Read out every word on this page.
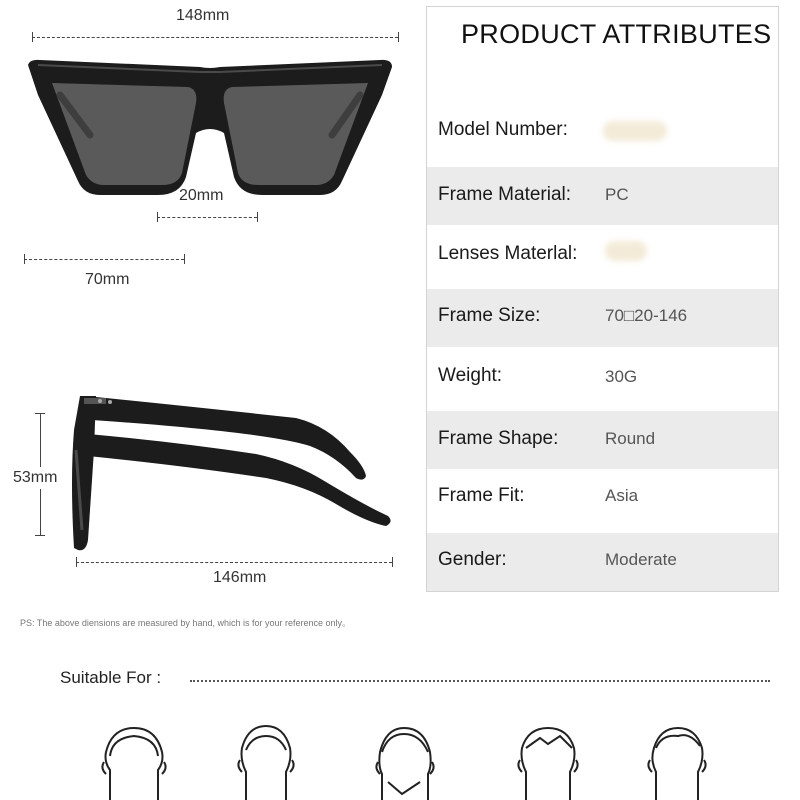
148mm
20mm
70mm
53mm
146mm
PRODUCT ATTRIBUTES
Model Number:
Frame Material: PC
Lenses Materlal:
Frame Size:	70□20-146
Weight:	30G
Frame Shape:	Round
Frame Fit:	Asia
Gender:	Moderate
PS: The above diensions are measured by hand, which is for your reference only。
Suitable For :
